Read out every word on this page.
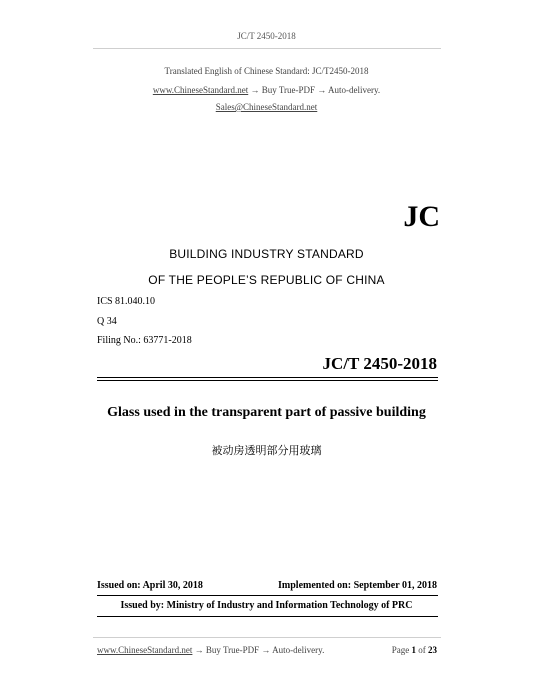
JC/T 2450-2018
Translated English of Chinese Standard: JC/T2450-2018
www.ChineseStandard.net → Buy True-PDF → Auto-delivery.
Sales@ChineseStandard.net
JC
BUILDING INDUSTRY STANDARD
OF THE PEOPLE’S REPUBLIC OF CHINA
ICS 81.040.10
Q 34
Filing No.: 63771-2018
JC/T 2450-2018
Glass used in the transparent part of passive building
被动房透明部分用玻璃
Issued on: April 30, 2018	Implemented on: September 01, 2018
Issued by: Ministry of Industry and Information Technology of PRC
www.ChineseStandard.net → Buy True-PDF → Auto-delivery.	Page 1 of 23
